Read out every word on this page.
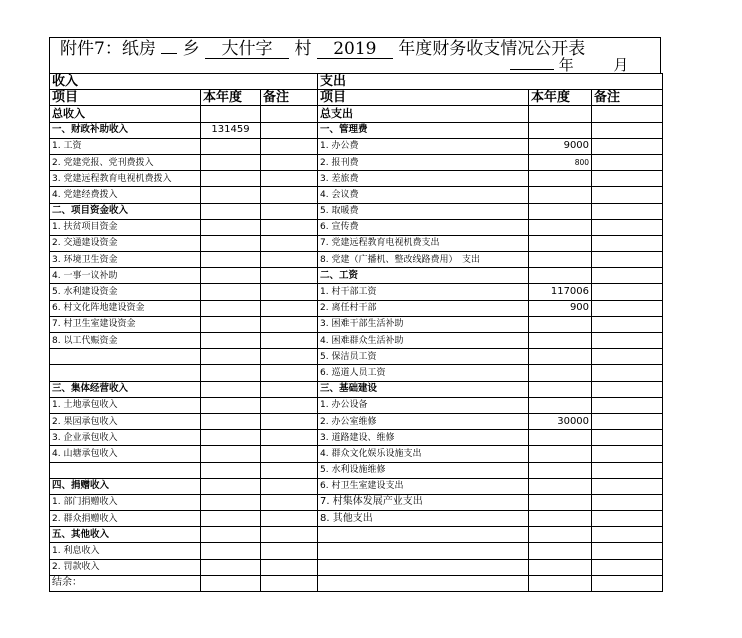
附件7：纸房 乡 大什字 村 2019 年度财务收支情况公开表
年	月
收入			支出		
项目	本年度	备注	项目	本年度	备注
总收入			总支出		
一、财政补助收入	131459		一、管理费		
1. 工资			1. 办公费	9000	
2. 党建党报、党刊费拨入			2. 报刊费	800	
3. 党建远程教育电视机费拨入			3. 差旅费		
4. 党建经费拨入			4. 会议费		
二、项目资金收入			5. 取暖费		
1. 扶贫项目资金			6. 宣传费		
2. 交通建设资金			7. 党建远程教育电视机费支出		
3. 环境卫生资金			8. 党建（广播机、整改线路费用）　支出		
4. 一事一议补助			二、工资		
5. 水利建设资金			1. 村干部工资	117006	
6. 村文化阵地建设资金			2. 离任村干部	900	
7. 村卫生室建设资金			3. 困难干部生活补助		
8. 以工代赈资金			4. 困难群众生活补助		
			5. 保洁员工资		
			6. 巡道人员工资		
三、集体经营收入			三、基础建设		
1. 土地承包收入			1. 办公设备		
2. 果园承包收入			2. 办公室维修	30000	
3. 企业承包收入			3. 道路建设、维修		
4. 山塘承包收入			4. 群众文化娱乐设施支出		
			5. 水利设施维修		
四、捐赠收入			6. 村卫生室建设支出		
1. 部门捐赠收入			7. 村集体发展产业支出		
2. 群众捐赠收入			8. 其他支出		
五、其他收入					
1. 利息收入					
2. 罚款收入					
结余：					
